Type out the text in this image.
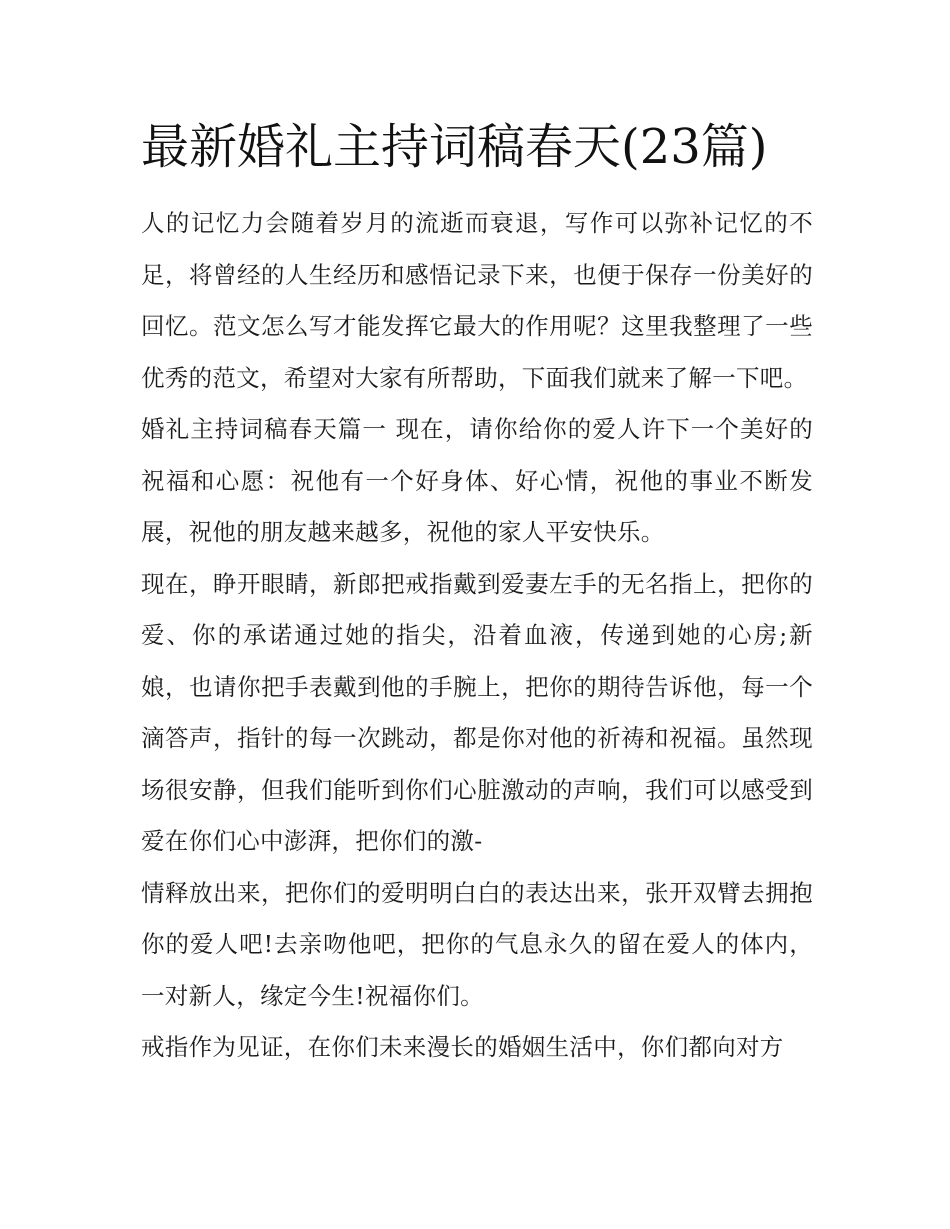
最新婚礼主持词稿春天(23篇)

人的记忆力会随着岁月的流逝而衰退，写作可以弥补记忆的不足，将曾经的人生经历和感悟记录下来，也便于保存一份美好的回忆。范文怎么写才能发挥它最大的作用呢？这里我整理了一些优秀的范文，希望对大家有所帮助，下面我们就来了解一下吧。

婚礼主持词稿春天篇一 现在，请你给你的爱人许下一个美好的祝福和心愿：祝他有一个好身体、好心情，祝他的事业不断发展，祝他的朋友越来越多，祝他的家人平安快乐。

现在，睁开眼睛，新郎把戒指戴到爱妻左手的无名指上，把你的爱、你的承诺通过她的指尖，沿着血液，传递到她的心房;新娘，也请你把手表戴到他的手腕上，把你的期待告诉他，每一个滴答声，指针的每一次跳动，都是你对他的祈祷和祝福。虽然现场很安静，但我们能听到你们心脏激动的声响，我们可以感受到爱在你们心中澎湃，把你们的激-

情释放出来，把你们的爱明明白白的表达出来，张开双臂去拥抱你的爱人吧!去亲吻他吧，把你的气息永久的留在爱人的体内，一对新人，缘定今生!祝福你们。

戒指作为见证，在你们未来漫长的婚姻生活中，你们都向对方
